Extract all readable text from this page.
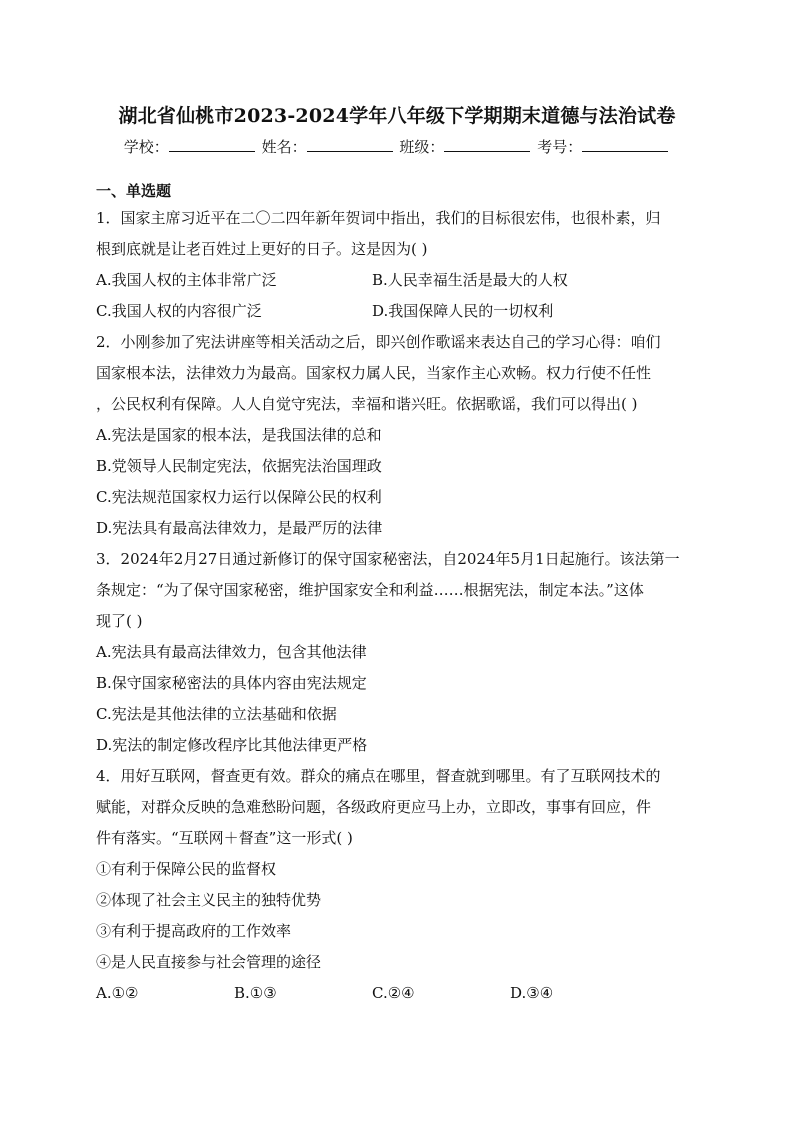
湖北省仙桃市2023-2024学年八年级下学期期末道德与法治试卷
学校：	姓名：	班级：	考号：
一、单选题
1．国家主席习近平在二〇二四年新年贺词中指出，我们的目标很宏伟，也很朴素，归
根到底就是让老百姓过上更好的日子。这是因为( )
A.我国人权的主体非常广泛	B.人民幸福生活是最大的人权
C.我国人权的内容很广泛	D.我国保障人民的一切权利
2．小刚参加了宪法讲座等相关活动之后，即兴创作歌谣来表达自己的学习心得：咱们
国家根本法，法律效力为最高。国家权力属人民，当家作主心欢畅。权力行使不任性
，公民权利有保障。人人自觉守宪法，幸福和谐兴旺。依据歌谣，我们可以得出( )
A.宪法是国家的根本法，是我国法律的总和
B.党领导人民制定宪法，依据宪法治国理政
C.宪法规范国家权力运行以保障公民的权利
D.宪法具有最高法律效力，是最严厉的法律
3．2024年2月27日通过新修订的保守国家秘密法，自2024年5月1日起施行。该法第一
条规定：“为了保守国家秘密，维护国家安全和利益……根据宪法，制定本法。”这体
现了( )
A.宪法具有最高法律效力，包含其他法律
B.保守国家秘密法的具体内容由宪法规定
C.宪法是其他法律的立法基础和依据
D.宪法的制定修改程序比其他法律更严格
4．用好互联网，督查更有效。群众的痛点在哪里，督查就到哪里。有了互联网技术的
赋能，对群众反映的急难愁盼问题，各级政府更应马上办，立即改，事事有回应，件
件有落实。“互联网＋督查”这一形式( )
①有利于保障公民的监督权
②体现了社会主义民主的独特优势
③有利于提高政府的工作效率
④是人民直接参与社会管理的途径
A.①②	B.①③	C.②④	D.③④
